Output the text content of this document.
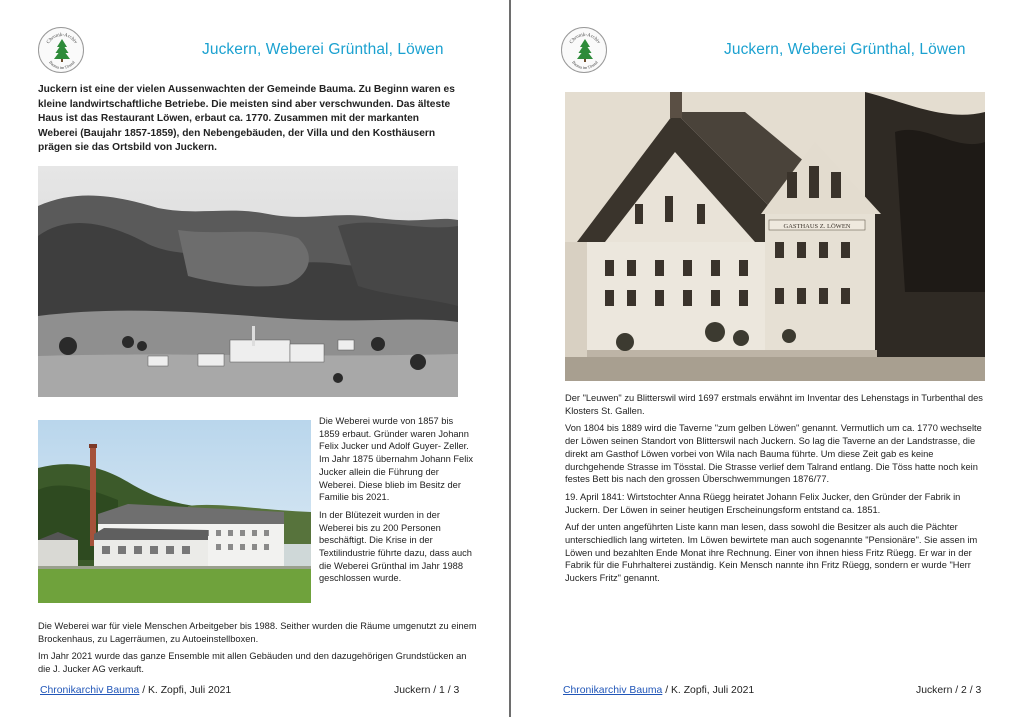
Chronik-Archiv
Bauma im Tösstal
Juckern, Weberei Grünthal, Löwen
Juckern ist eine der vielen Aussenwachten der Gemeinde Bauma. Zu Beginn waren es kleine landwirtschaftliche Betriebe. Die meisten sind aber verschwunden. Das älteste Haus ist das Restaurant Löwen, erbaut ca. 1770. Zusammen mit der markanten Weberei (Baujahr 1857-1859), den Nebengebäuden, der Villa und den Kosthäusern prägen sie das Ortsbild von Juckern.

Die Weberei wurde von 1857 bis 1859 erbaut. Gründer waren Johann Felix Jucker und Adolf Guyer- Zeller. Im Jahr 1875 übernahm Johann Felix Jucker allein die Führung der Weberei. Diese blieb im Besitz der Familie bis 2021.

In der Blütezeit wurden in der Weberei bis zu 200 Personen beschäftigt. Die Krise in der Textilindustrie führte dazu, dass auch die Weberei Grünthal im Jahr 1988 geschlossen wurde.

Die Weberei war für viele Menschen Arbeitgeber bis 1988. Seither wurden die Räume umgenutzt zu einem Brockenhaus, zu Lagerräumen, zu Autoeinstellboxen.

Im Jahr 2021 wurde das ganze Ensemble mit allen Gebäuden und den dazugehörigen Grundstücken an die J. Jucker AG verkauft.

Chronikarchiv Bauma / K. Zopfi, Juli 2021	Juckern / 1 / 3
Chronik-Archiv
Bauma im Tösstal
Juckern, Weberei Grünthal, Löwen
GASTHAUS Z. LÖWEN

Der "Leuwen" zu Blitterswil wird 1697 erstmals erwähnt im Inventar des Lehenstags in Turbenthal des Klosters St. Gallen.

Von 1804 bis 1889 wird die Taverne "zum gelben Löwen" genannt. Vermutlich um ca. 1770 wechselte der Löwen seinen Standort von Blitterswil nach Juckern. So lag die Taverne an der Landstrasse, die direkt am Gasthof Löwen vorbei von Wila nach Bauma führte. Um diese Zeit gab es keine durchgehende Strasse im Tösstal. Die Strasse verlief dem Talrand entlang. Die Töss hatte noch kein festes Bett bis nach den grossen Überschwemmungen 1876/77.

19. April 1841: Wirtstochter Anna Rüegg heiratet Johann Felix Jucker, den Gründer der Fabrik in Juckern. Der Löwen in seiner heutigen Erscheinungsform entstand ca. 1851.

Auf der unten angeführten Liste kann man lesen, dass sowohl die Besitzer als auch die Pächter unterschiedlich lang wirteten. Im Löwen bewirtete man auch sogenannte "Pensionäre". Sie assen im Löwen und bezahlten Ende Monat ihre Rechnung. Einer von ihnen hiess Fritz Rüegg. Er war in der Fabrik für die Fuhrhalterei zuständig. Kein Mensch nannte ihn Fritz Rüegg, sondern er wurde "Herr Juckers Fritz" genannt.

Chronikarchiv Bauma / K. Zopfi, Juli 2021	Juckern / 2 / 3
